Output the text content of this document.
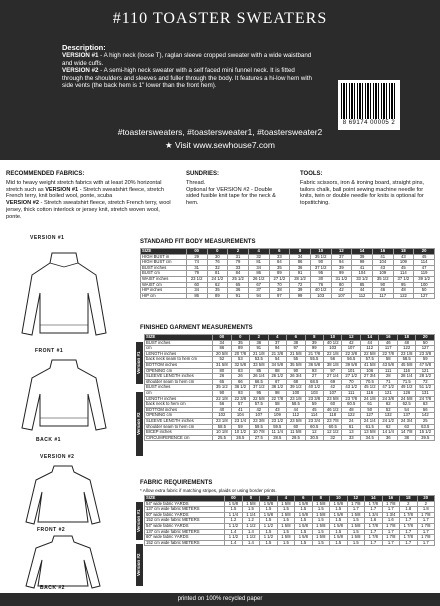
#110 TOASTER SWEATERS
Description:
VERSION #1 - A high neck (loose T), raglan sleeve cropped sweater with a wide waistband and wide cuffs.
VERSION #2 - A semi-high neck sweater with a self faced mini funnel neck. It is fitted through the shoulders and sleeves and fuller through the body. It features a hi-low hem with side vents (the back hem is 1" lower than the front hem).
8 69174 00005 2
#toastersweaters, #toastersweater1, #toastersweater2
★ Visit www.sewhouse7.com
RECOMMENDED FABRICS:
Mid to heavy weight stretch fabrics with at least 20% horizontal stretch such as VERSION #1 - Stretch sweatshirt fleece, stretch French terry, knit boiled wool, ponte, scuba
VERSION #2 - Stretch sweatshirt fleece, stretch French terry, wool jersey, thick cotton interlock or jersey knit, stretch woven wool, ponte.
SUNDRIES:
Thread.
Optional for VERSION #2 - Double sided fusible knit tape for the neck & hem.
TOOLS:
Fabric scissors, iron & ironing board, straight pins, tailors chalk, ball point sewing machine needle for knits, twin or double needle for knits is optional for topstitching.
VERSION #1
FRONT #1
BACK #1
VERSION #2
FRONT #2
BACK #2
STANDARD FIT BODY MEASUREMENTS
SIZE	00	0	2	4	6	8	10	12	14	16	18	20
HIGH BUST in	29	30	31	32	33	34	35 1/2	37	39	41	43	45
HIGH BUST cm	74	76	79	81	84	86	90	94	99	104	109	114
BUST inches	31	32	33	34	35	36	37 1/2	39	41	43	45	47
BUST cm	79	81	84	86	89	91	95	99	104	109	114	119
WAIST inches	23 1/2	24 1/2	25 1/2	26 1/2	27 1/2	28 1/2	30	31 1/2	33 1/2	35 1/2	37 1/2	39 1/2
WAIST cm	60	62	65	67	70	72	76	80	85	90	95	100
HIP inches	34	35	36	37	38	39	40 1/2	42	44	46	48	50
HIP cm	86	89	91	94	97	99	103	107	112	117	122	127
FINISHED GARMENT MEASUREMENTS
Version #1
Version #2
SIZE	00	0	2	4	6	8	10	12	14	16	18	20
BUST inches	34	35	36	37	38	39	40 1/2	42	44	46	48	50
cm	86	89	91	94	97	99	103	107	112	117	122	127
LENGTH inches	20 5/8	20 7/8	21 1/8	21 3/8	21 5/8	21 7/8	22 1/8	22 3/8	22 5/8	22 7/8	23 1/8	23 3/8
back neck seam to hem cm	52	53	53.5	54	55	55.5	56	56.5	57.5	58	58.5	59
BOTTOM inches	31 5/8	32 5/8	33 5/8	34 5/8	35 5/8	36 5/8	38 1/8	39 5/8	41 5/8	43 5/8	45 5/8	47 5/8
OPENING cm	80	83	85	88	90	93	97	101	106	111	116	121
SLEEVE LENGTH inches	26	26	26 1/4	26 1/2	26 3/4	27	27 1/4	27 1/2	27 3/4	28	28 1/4	28 1/2
shoulder seam to hem cm	65	66	66.5	67	68	68.5	69	70	70.5	71	71.5	72
BUST inches	35 1/2	36 1/2	37 1/2	38 1/2	39 1/2	40 1/2	42	43 1/2	45 1/2	47 1/2	49 1/2	51 1/2
cm	90	93	95	98	100	103	107	111	116	121	126	131
LENGTH inches	22 1/8	22 3/8	22 5/8	22 7/8	23 1/8	23 3/8	23 5/8	23 7/8	24 1/8	24 3/8	24 5/8	24 7/8
back neck to hem cm	56	57	57.5	58	58.5	59	60	60.5	61	62	62.5	63
BOTTOM inches	40	41	42	43	44	45	46 1/2	48	50	52	54	56
OPENING cm	102	104	107	109	112	114	118	122	127	132	137	142
SLEEVE LENGTH inches	23 1/8	23 1/4	23 3/8	23 1/2	23 5/8	23 3/4	23 7/8	24	24 1/4	24 1/2	24 3/4	25
shoulder seam to hem cm	58.5	59	59.5	59.5	60	60.5	60.5	61	61.5	62	63	63.5
BICEP inches	10 1/8	10 1/2	10 7/8	11 1/4	11 5/8	12	12 1/2	13	13 5/8	14 1/4	14 7/8	15 1/2
CIRCUMFERENCE cm	25.5	26.5	27.5	28.5	29.5	30.5	32	33	34.5	36	38	39.5
FABRIC REQUIREMENTS
* Allow extra fabric if matching stripes, plaids or using border prints.
Version #1
Version #2
SIZE	00	0	2	4	6	8	10	12	14	16	18	20
54" wide fabric YARDS	1 5/8	1 5/8	1 5/8	1 5/8	1 5/8	1 5/8	1 5/8	1 7/8	1 7/8	1 7/8	2	2
137 cm wide fabric METERS	1.5	1.5	1.5	1.5	1.5	1.5	1.5	1.7	1.7	1.7	1.8	1.8
60" wide fabric YARDS	1 1/4	1 1/4	1 5/8	1 5/8	1 5/8	1 5/8	1 5/8	1 5/8	1 3/4	1 3/4	1 7/8	1 7/8
152 cm wide fabric METERS	1.2	1.2	1.5	1.5	1.5	1.5	1.5	1.5	1.6	1.6	1.7	1.7
54" wide fabric YARDS	1 1/2	1 1/2	1 1/2	1 5/8	1 5/8	1 5/8	1 5/8	1 5/8	1 7/8	1 7/8	1 7/8	1 7/8
137 cm wide fabric METERS	1.4	1.4	1.5	1.5	1.5	1.5	1.5	1.5	1.7	1.7	1.7	1.7
60" wide fabric YARDS	1 1/2	1 1/2	1 1/2	1 5/8	1 5/8	1 5/8	1 5/8	1 5/8	1 7/8	1 7/8	1 7/8	1 7/8
152 cm wide fabric METERS	1.4	1.4	1.5	1.5	1.5	1.5	1.5	1.5	1.7	1.7	1.7	1.7
printed on 100% recycled paper
